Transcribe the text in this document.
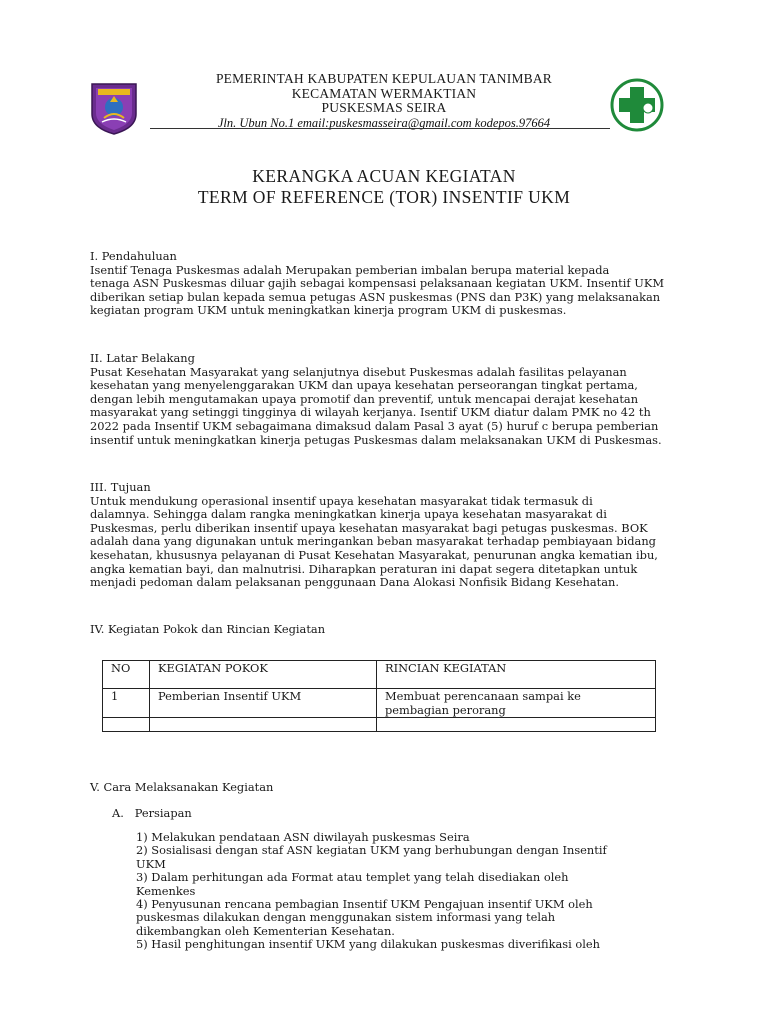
PEMERINTAH KABUPATEN KEPULAUAN TANIMBAR
KECAMATAN WERMAKTIAN
PUSKESMAS SEIRA
Jln. Ubun No.1 email:puskesmasseira@gmail.com kodepos.97664
KERANGKA ACUAN KEGIATAN
TERM OF REFERENCE (TOR) INSENTIF UKM
I. Pendahuluan
Isentif Tenaga Puskesmas adalah Merupakan pemberian imbalan berupa material kepada
tenaga ASN Puskesmas diluar gajih sebagai kompensasi pelaksanaan kegiatan UKM. Insentif UKM
diberikan setiap bulan kepada semua petugas ASN puskesmas (PNS dan P3K) yang melaksanakan
kegiatan program UKM untuk meningkatkan kinerja program UKM di puskesmas.
II. Latar Belakang
Pusat Kesehatan Masyarakat yang selanjutnya disebut Puskesmas adalah fasilitas pelayanan
kesehatan yang menyelenggarakan UKM dan upaya kesehatan perseorangan tingkat pertama,
dengan lebih mengutamakan upaya promotif dan preventif, untuk mencapai derajat kesehatan
masyarakat yang setinggi tingginya di wilayah kerjanya. Isentif UKM diatur dalam PMK no 42 th
2022 pada Insentif UKM sebagaimana dimaksud dalam Pasal 3 ayat (5) huruf c berupa pemberian
insentif untuk meningkatkan kinerja petugas Puskesmas dalam melaksanakan UKM di Puskesmas.
III. Tujuan
Untuk mendukung operasional insentif upaya kesehatan masyarakat tidak termasuk di
dalamnya. Sehingga dalam rangka meningkatkan kinerja upaya kesehatan masyarakat di
Puskesmas, perlu diberikan insentif upaya kesehatan masyarakat bagi petugas puskesmas. BOK
adalah dana yang digunakan untuk meringankan beban masyarakat terhadap pembiayaan bidang
kesehatan, khususnya pelayanan di Pusat Kesehatan Masyarakat, penurunan angka kematian ibu,
angka kematian bayi, dan malnutrisi. Diharapkan peraturan ini dapat segera ditetapkan untuk
menjadi pedoman dalam pelaksanan penggunaan Dana Alokasi Nonfisik Bidang Kesehatan.
IV. Kegiatan Pokok dan Rincian Kegiatan
NO	KEGIATAN POKOK	RINCIAN KEGIATAN
1	Pemberian Insentif UKM	Membuat perencanaan sampai ke
pembagian perorang

V. Cara Melaksanakan Kegiatan
A.   Persiapan
1) Melakukan pendataan ASN diwilayah puskesmas Seira
2) Sosialisasi dengan staf ASN kegiatan UKM yang berhubungan dengan Insentif
UKM
3) Dalam perhitungan ada Format atau templet yang telah disediakan oleh
Kemenkes
4) Penyusunan rencana pembagian Insentif UKM Pengajuan insentif UKM oleh
puskesmas dilakukan dengan menggunakan sistem informasi yang telah
dikembangkan oleh Kementerian Kesehatan.
5) Hasil penghitungan insentif UKM yang dilakukan puskesmas diverifikasi oleh
